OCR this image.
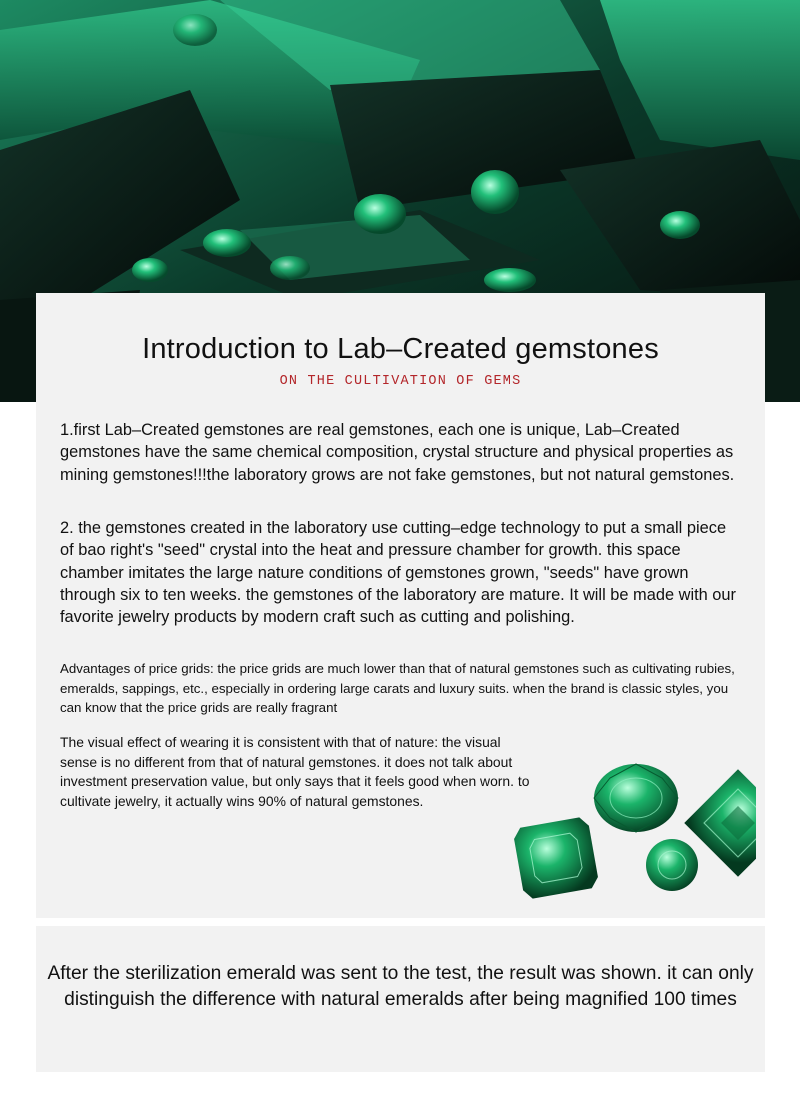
Introduction to Lab–Created gemstones
ON THE CULTIVATION OF GEMS
1.first Lab–Created gemstones are real gemstones, each one is unique, Lab–Created gemstones have the same chemical composition, crystal structure and physical properties as mining gemstones!!!the laboratory grows are not fake gemstones, but not natural gemstones.
2. the gemstones created in the laboratory use cutting–edge technology to put a small piece of bao right's "seed" crystal into the heat and pressure chamber for growth. this space chamber imitates the large nature conditions of gemstones grown, "seeds" have grown through six to ten weeks. the gemstones of the laboratory are mature. It will be made with our favorite jewelry products by modern craft such as cutting and polishing.
Advantages of price grids: the price grids are much lower than that of natural gemstones such as cultivating rubies, emeralds, sappings, etc., especially in ordering large carats and luxury suits. when the brand is classic styles, you can know that the price grids are really fragrant
The visual effect of wearing it is consistent with that of nature: the visual sense is no different from that of natural gemstones. it does not talk about investment preservation value, but only says that it feels good when worn. to cultivate jewelry, it actually wins 90% of natural gemstones.
After the sterilization emerald was sent to the test, the result was shown. it can only distinguish the difference with natural emeralds after being magnified 100 times
